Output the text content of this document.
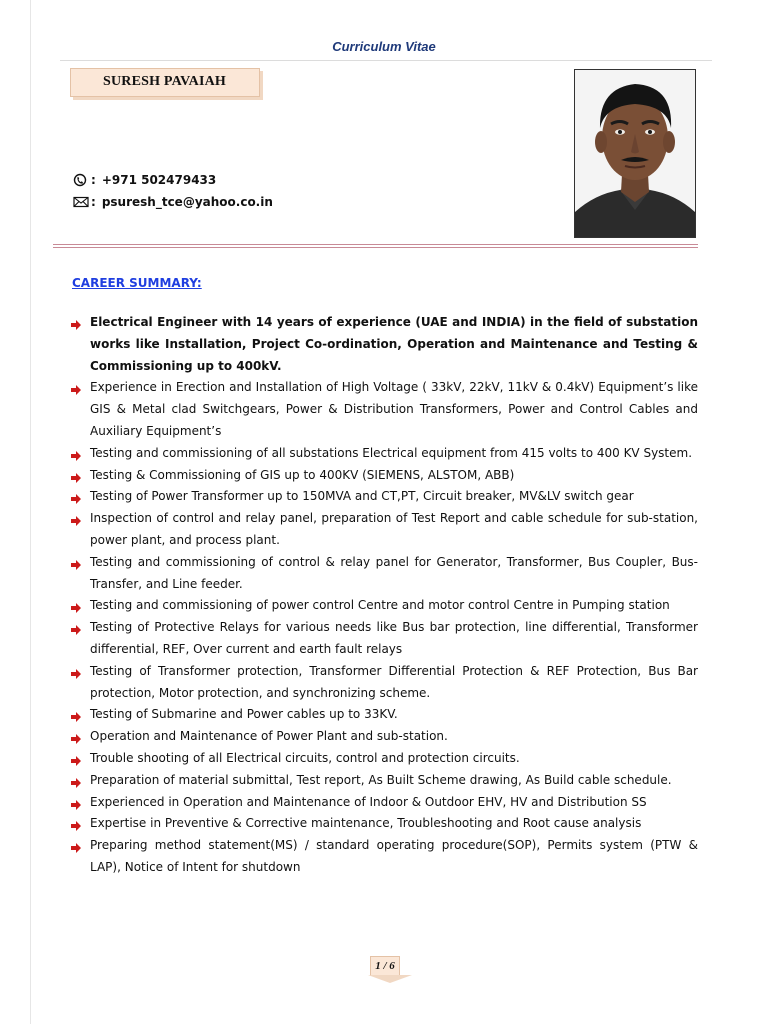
Curriculum Vitae
SURESH PAVAIAH
: +971 502479433
: psuresh_tce@yahoo.co.in
CAREER SUMMARY:
Electrical Engineer with 14 years of experience (UAE and INDIA) in the field of substation works like Installation, Project Co-ordination, Operation and Maintenance and Testing & Commissioning up to 400kV.
Experience in Erection and Installation of High Voltage ( 33kV, 22kV, 11kV & 0.4kV) Equipment’s like GIS & Metal clad Switchgears, Power & Distribution Transformers, Power and Control Cables and Auxiliary Equipment’s
Testing and commissioning of all substations Electrical equipment from 415 volts to 400 KV System.
Testing & Commissioning of GIS up to 400KV (SIEMENS, ALSTOM, ABB)
Testing of Power Transformer up to 150MVA and CT,PT, Circuit breaker, MV&LV switch gear
Inspection of control and relay panel, preparation of Test Report and cable schedule for sub-station, power plant, and process plant.
Testing and commissioning of control & relay panel for Generator, Transformer, Bus Coupler, Bus-Transfer, and Line feeder.
Testing and commissioning of power control Centre and motor control Centre in Pumping station
Testing of Protective Relays for various needs like Bus bar protection, line differential, Transformer differential, REF, Over current and earth fault relays
Testing of Transformer protection, Transformer Differential Protection & REF Protection, Bus Bar protection, Motor protection, and synchronizing scheme.
Testing of Submarine and Power cables up to 33KV.
Operation and Maintenance of Power Plant and sub-station.
Trouble shooting of all Electrical circuits, control and protection circuits.
Preparation of material submittal, Test report, As Built Scheme drawing, As Build cable schedule.
Experienced in Operation and Maintenance of Indoor & Outdoor EHV, HV and Distribution SS
Expertise in Preventive & Corrective maintenance, Troubleshooting and Root cause analysis
Preparing method statement(MS) / standard operating procedure(SOP), Permits system (PTW & LAP), Notice of Intent for shutdown
1 / 6
